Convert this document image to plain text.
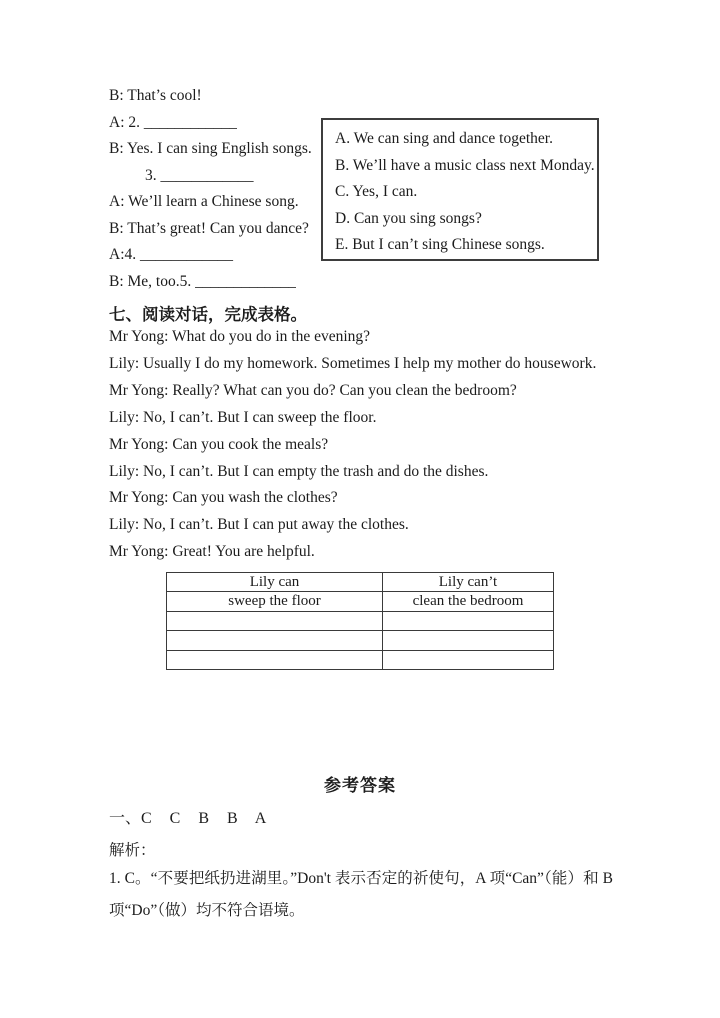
B: That’s cool!
A: 2. ____________
B: Yes. I can sing English songs.
3. ____________
A: We’ll learn a Chinese song.
B: That’s great! Can you dance?
A:4. ____________
B: Me, too.5. _____________
A. We can sing and dance together.
B. We’ll have a music class next Monday.
C. Yes, I can.
D. Can you sing songs?
E. But I can’t sing Chinese songs.
七、阅读对话，完成表格。
Mr Yong: What do you do in the evening?
Lily: Usually I do my homework. Sometimes I help my mother do housework.
Mr Yong: Really? What can you do? Can you clean the bedroom?
Lily: No, I can’t. But I can sweep the floor.
Mr Yong: Can you cook the meals?
Lily: No, I can’t. But I can empty the trash and do the dishes.
Mr Yong: Can you wash the clothes?
Lily: No, I can’t. But I can put away the clothes.
Mr Yong: Great! You are helpful.
Lily can	Lily can’t
sweep the floor	clean the bedroom

参考答案
一、C C B B A
解析：
1. C。“不要把纸扔进湖里。”Don't 表示否定的祈使句，A 项“Can”（能）和 B
项“Do”（做）均不符合语境。
